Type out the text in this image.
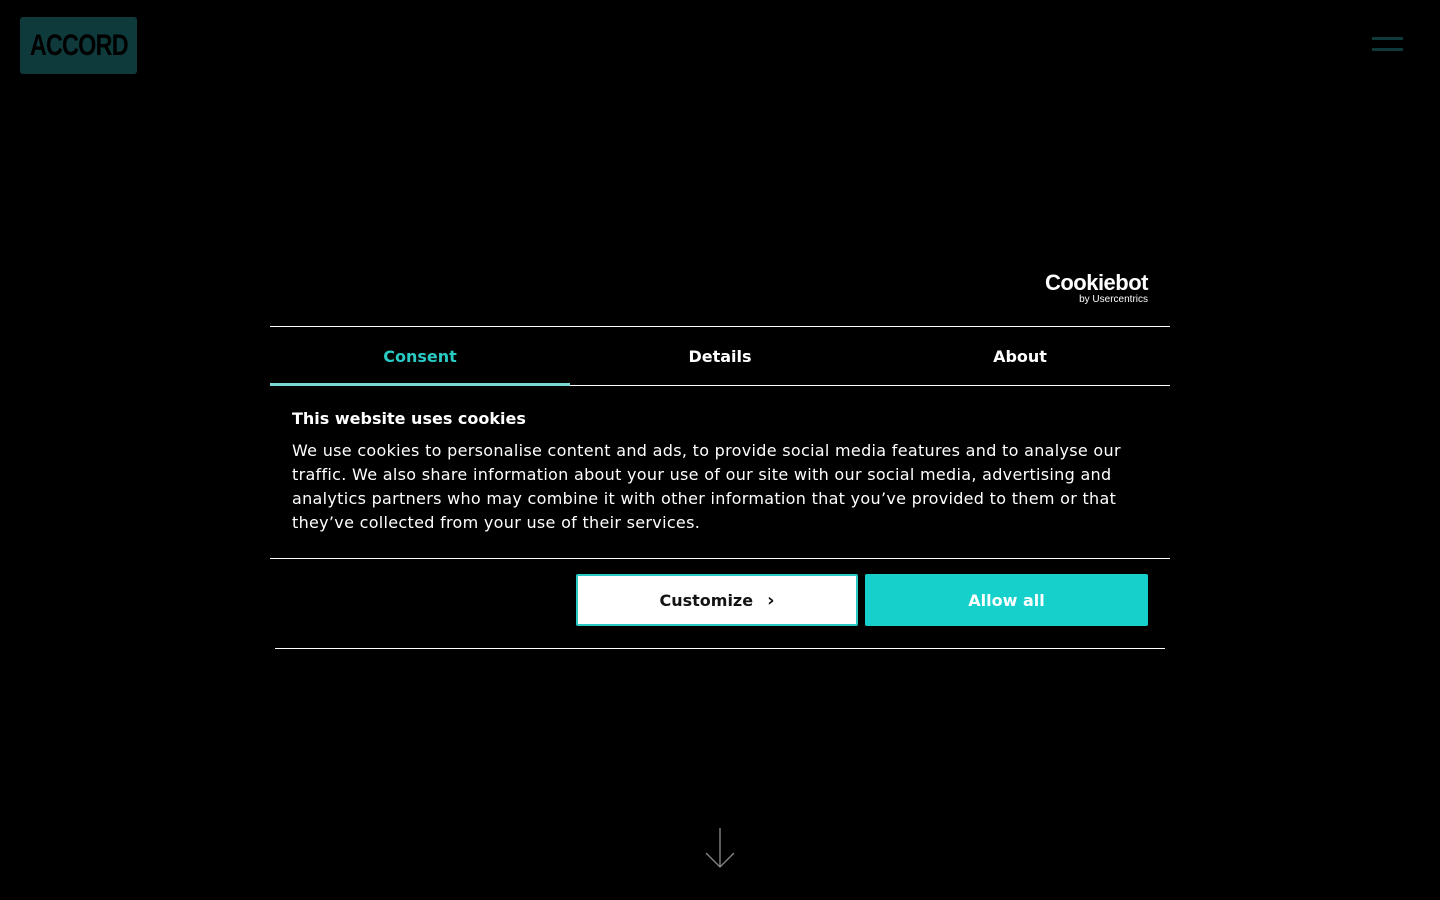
ACCORD
Cookiebot
by Usercentrics
Consent	Details	About
This website uses cookies

We use cookies to personalise content and ads, to provide social media features and to analyse our traffic. We also share information about your use of our site with our social media, advertising and analytics partners who may combine it with other information that you’ve provided to them or that they’ve collected from your use of their services.

Customize ›	Allow all
